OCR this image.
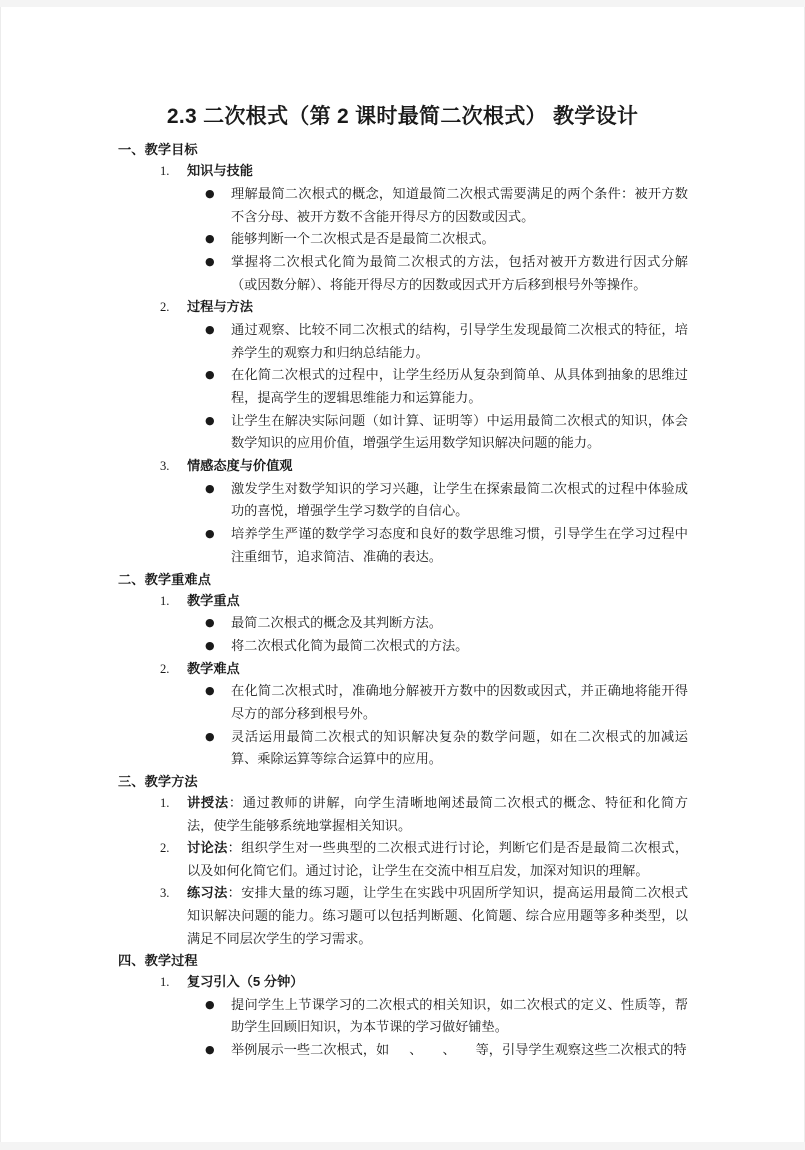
2.3 二次根式（第 2 课时最简二次根式） 教学设计
一、教学目标
1.	知识与技能
●	理解最简二次根式的概念，知道最简二次根式需要满足的两个条件：被开方数不含分母、被开方数不含能开得尽方的因数或因式。
●	能够判断一个二次根式是否是最简二次根式。
●	掌握将二次根式化简为最简二次根式的方法，包括对被开方数进行因式分解（或因数分解）、将能开得尽方的因数或因式开方后移到根号外等操作。
2.	过程与方法
●	通过观察、比较不同二次根式的结构，引导学生发现最简二次根式的特征，培养学生的观察力和归纳总结能力。
●	在化简二次根式的过程中，让学生经历从复杂到简单、从具体到抽象的思维过程，提高学生的逻辑思维能力和运算能力。
●	让学生在解决实际问题（如计算、证明等）中运用最简二次根式的知识，体会数学知识的应用价值，增强学生运用数学知识解决问题的能力。
3.	情感态度与价值观
●	激发学生对数学知识的学习兴趣，让学生在探索最简二次根式的过程中体验成功的喜悦，增强学生学习数学的自信心。
●	培养学生严谨的数学学习态度和良好的数学思维习惯，引导学生在学习过程中注重细节，追求简洁、准确的表达。
二、教学重难点
1.	教学重点
●	最简二次根式的概念及其判断方法。
●	将二次根式化简为最简二次根式的方法。
2.	教学难点
●	在化简二次根式时，准确地分解被开方数中的因数或因式，并正确地将能开得尽方的部分移到根号外。
●	灵活运用最简二次根式的知识解决复杂的数学问题，如在二次根式的加减运算、乘除运算等综合运算中的应用。
三、教学方法
1.	讲授法：通过教师的讲解，向学生清晰地阐述最简二次根式的概念、特征和化简方法，使学生能够系统地掌握相关知识。
2.	讨论法：组织学生对一些典型的二次根式进行讨论，判断它们是否是最简二次根式，以及如何化简它们。通过讨论，让学生在交流中相互启发，加深对知识的理解。
3.	练习法：安排大量的练习题，让学生在实践中巩固所学知识，提高运用最简二次根式知识解决问题的能力。练习题可以包括判断题、化简题、综合应用题等多种类型，以满足不同层次学生的学习需求。
四、教学过程
1.	复习引入（5 分钟）
●	提问学生上节课学习的二次根式的相关知识，如二次根式的定义、性质等，帮助学生回顾旧知识，为本节课的学习做好铺垫。
●	举例展示一些二次根式，如 、 、 等，引导学生观察这些二次根式的特
